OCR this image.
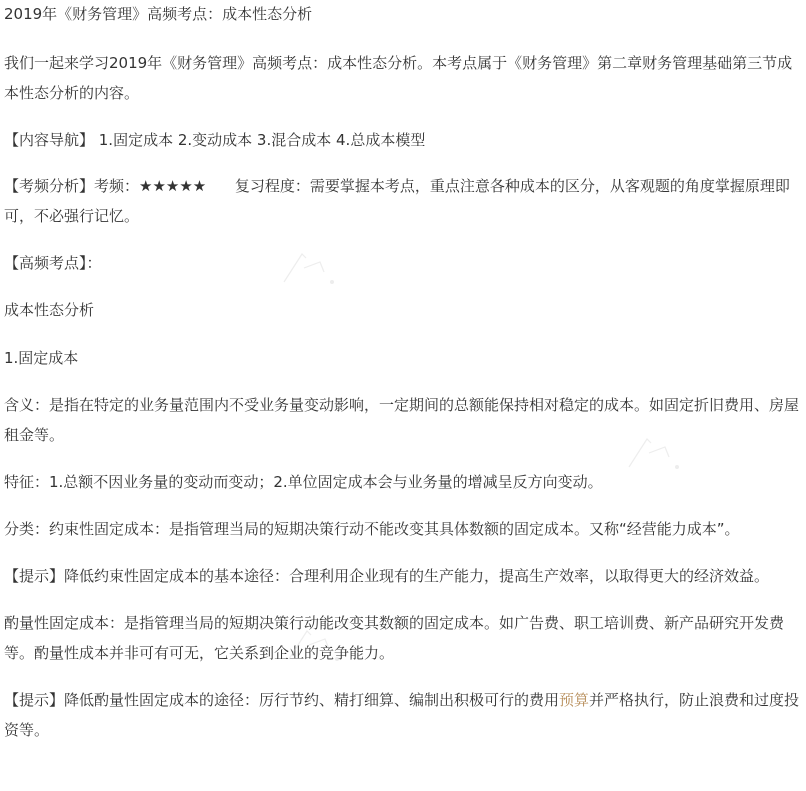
2019年《财务管理》高频考点：成本性态分析

我们一起来学习2019年《财务管理》高频考点：成本性态分析。本考点属于《财务管理》第二章财务管理基础第三节成本性态分析的内容。

【内容导航】 1.固定成本 2.变动成本 3.混合成本 4.总成本模型

【考频分析】考频：★★★★★      复习程度：需要掌握本考点，重点注意各种成本的区分，从客观题的角度掌握原理即可，不必强行记忆。

【高频考点】：

成本性态分析

1.固定成本

含义：是指在特定的业务量范围内不受业务量变动影响，一定期间的总额能保持相对稳定的成本。如固定折旧费用、房屋租金等。

特征：1.总额不因业务量的变动而变动；2.单位固定成本会与业务量的增减呈反方向变动。

分类：约束性固定成本：是指管理当局的短期决策行动不能改变其具体数额的固定成本。又称“经营能力成本”。

【提示】降低约束性固定成本的基本途径：合理利用企业现有的生产能力，提高生产效率，以取得更大的经济效益。

酌量性固定成本：是指管理当局的短期决策行动能改变其数额的固定成本。如广告费、职工培训费、新产品研究开发费等。酌量性成本并非可有可无，它关系到企业的竞争能力。

【提示】降低酌量性固定成本的途径：厉行节约、精打细算、编制出积极可行的费用预算并严格执行，防止浪费和过度投资等。
